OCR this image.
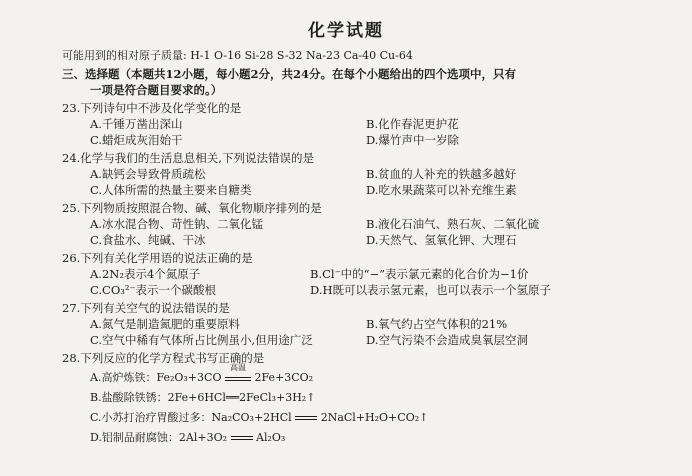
化学试题
可能用到的相对原子质量: H-1 O-16 Si-28 S-32 Na-23 Ca-40 Cu-64
三、选择题（本题共12小题，每小题2分，共24分。在每个小题给出的四个选项中，只有
一项是符合题目要求的。）
23.下列诗句中不涉及化学变化的是
A.千锤万凿出深山	B.化作春泥更护花
C.蜡炬成灰泪始干	D.爆竹声中一岁除
24.化学与我们的生活息息相关,下列说法错误的是
A.缺钙会导致骨质疏松	B.贫血的人补充的铁越多越好
C.人体所需的热量主要来自糖类	D.吃水果蔬菜可以补充维生素
25.下列物质按照混合物、碱、氧化物顺序排列的是
A.冰水混合物、苛性钠、二氧化锰	B.液化石油气、熟石灰、二氧化硫
C.食盐水、纯碱、干冰	D.天然气、氢氧化钾、大理石
26.下列有关化学用语的说法正确的是
A.2N₂表示4个氮原子	B.Cl⁻中的“−”表示氯元素的化合价为−1价
C.CO₃²⁻表示一个碳酸根	D.H既可以表示氢元素，也可以表示一个氢原子
27.下列有关空气的说法错误的是
A.氮气是制造氮肥的重要原料	B.氧气约占空气体积的21%
C.空气中稀有气体所占比例虽小,但用途广泛	D.空气污染不会造成臭氧层空洞
28.下列反应的化学方程式书写正确的是
A.高炉炼铁：Fe₂O₃+3CO
高温
2Fe+3CO₂
B.盐酸除铁锈：2Fe+6HCl══2FeCl₃+3H₂↑
C.小苏打治疗胃酸过多：Na₂CO₃+2HCl	2NaCl+H₂O+CO₂↑
D.铝制品耐腐蚀：2Al+3O₂	Al₂O₃
